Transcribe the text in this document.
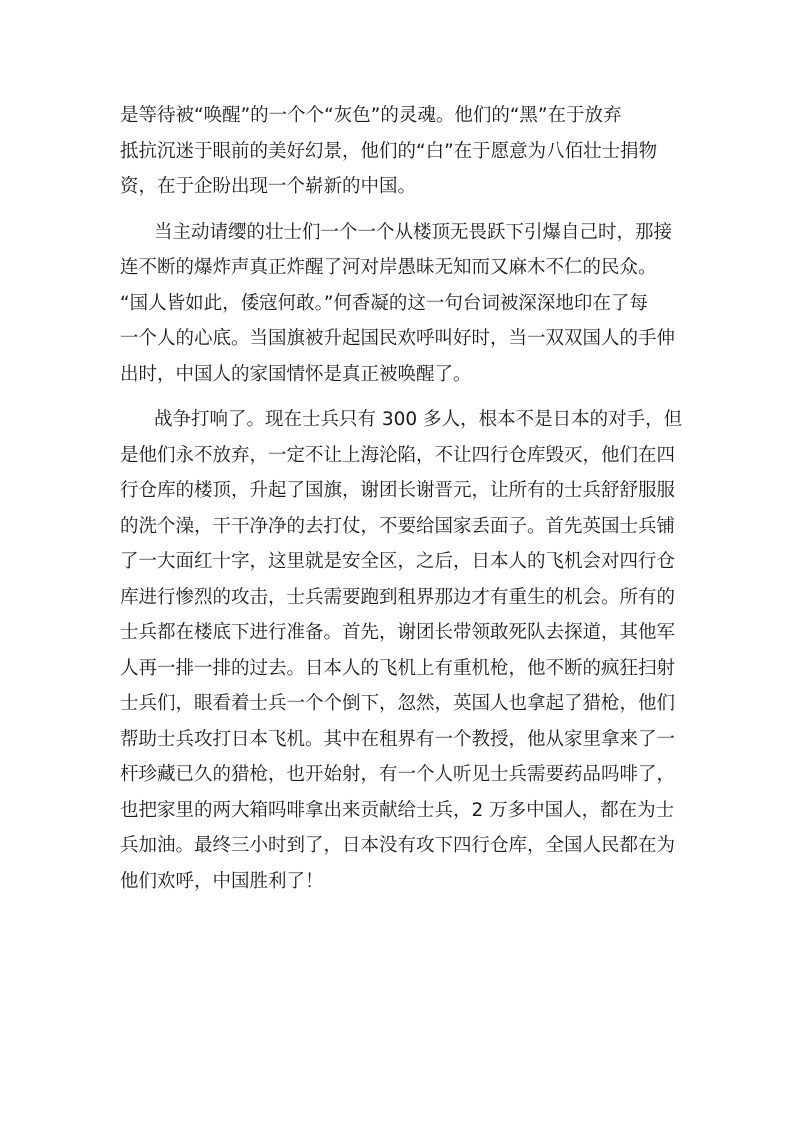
是等待被“唤醒”的一个个“灰色”的灵魂。他们的“黑”在于放弃
抵抗沉迷于眼前的美好幻景，他们的“白”在于愿意为八佰壮士捐物
资，在于企盼出现一个崭新的中国。
当主动请缨的壮士们一个一个从楼顶无畏跃下引爆自己时，那接
连不断的爆炸声真正炸醒了河对岸愚昧无知而又麻木不仁的民众。
“国人皆如此，倭寇何敢。”何香凝的这一句台词被深深地印在了每
一个人的心底。当国旗被升起国民欢呼叫好时，当一双双国人的手伸
出时，中国人的家国情怀是真正被唤醒了。
战争打响了。现在士兵只有 300 多人，根本不是日本的对手，但
是他们永不放弃，一定不让上海沦陷，不让四行仓库毁灭，他们在四
行仓库的楼顶，升起了国旗，谢团长谢晋元，让所有的士兵舒舒服服
的洗个澡，干干净净的去打仗，不要给国家丢面子。首先英国士兵铺
了一大面红十字，这里就是安全区，之后，日本人的飞机会对四行仓
库进行惨烈的攻击，士兵需要跑到租界那边才有重生的机会。所有的
士兵都在楼底下进行准备。首先，谢团长带领敢死队去探道，其他军
人再一排一排的过去。日本人的飞机上有重机枪，他不断的疯狂扫射
士兵们，眼看着士兵一个个倒下，忽然，英国人也拿起了猎枪，他们
帮助士兵攻打日本飞机。其中在租界有一个教授，他从家里拿来了一
杆珍藏已久的猎枪，也开始射，有一个人听见士兵需要药品吗啡了，
也把家里的两大箱吗啡拿出来贡献给士兵，2 万多中国人，都在为士
兵加油。最终三小时到了，日本没有攻下四行仓库，全国人民都在为
他们欢呼，中国胜利了！
